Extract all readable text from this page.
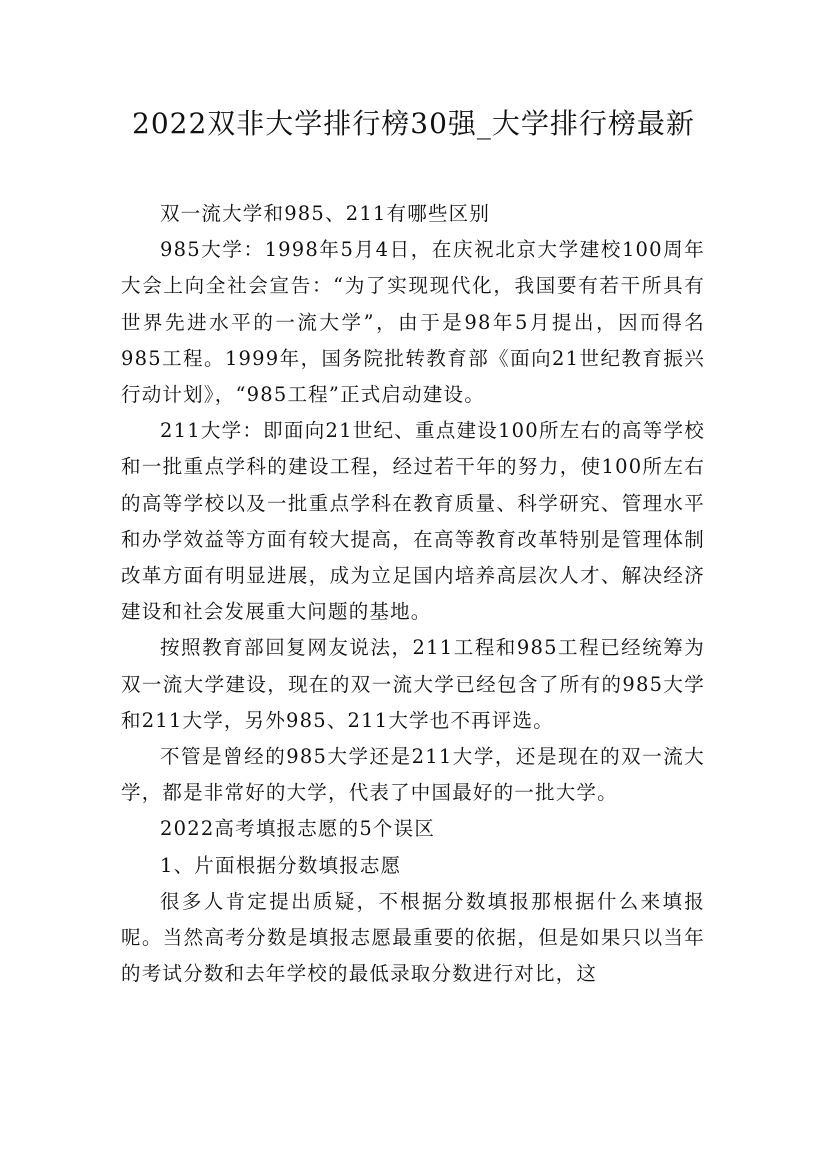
2022双非大学排行榜30强_大学排行榜最新

双一流大学和985、211有哪些区别

985大学：1998年5月4日，在庆祝北京大学建校100周年大会上向全社会宣告：“为了实现现代化，我国要有若干所具有世界先进水平的一流大学”，由于是98年5月提出，因而得名985工程。1999年，国务院批转教育部《面向21世纪教育振兴行动计划》，“985工程”正式启动建设。

211大学：即面向21世纪、重点建设100所左右的高等学校和一批重点学科的建设工程，经过若干年的努力，使100所左右的高等学校以及一批重点学科在教育质量、科学研究、管理水平和办学效益等方面有较大提高，在高等教育改革特别是管理体制改革方面有明显进展，成为立足国内培养高层次人才、解决经济建设和社会发展重大问题的基地。

按照教育部回复网友说法，211工程和985工程已经统筹为双一流大学建设，现在的双一流大学已经包含了所有的985大学和211大学，另外985、211大学也不再评选。

不管是曾经的985大学还是211大学，还是现在的双一流大学，都是非常好的大学，代表了中国最好的一批大学。

2022高考填报志愿的5个误区

1、片面根据分数填报志愿

很多人肯定提出质疑，不根据分数填报那根据什么来填报呢。当然高考分数是填报志愿最重要的依据，但是如果只以当年的考试分数和去年学校的最低录取分数进行对比，这
